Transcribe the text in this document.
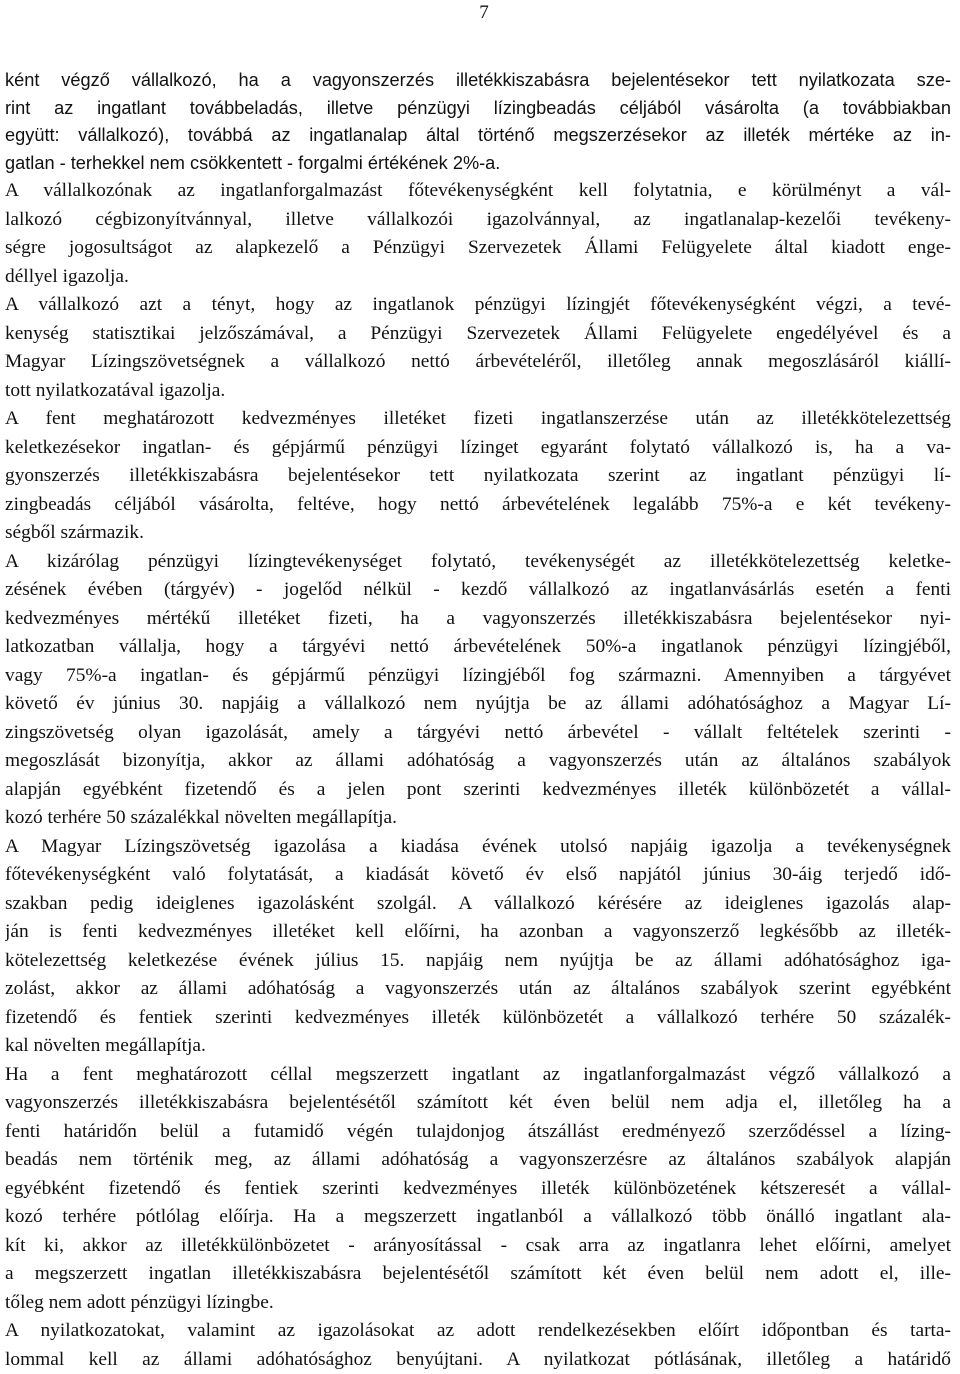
7
ként végző vállalkozó, ha a vagyonszerzés illetékkiszabásra bejelentésekor tett nyilatkozata sze-
rint az ingatlant továbbeladás, illetve pénzügyi lízingbeadás céljából vásárolta (a továbbiakban
együtt: vállalkozó), továbbá az ingatlanalap által történő megszerzésekor az illeték mértéke az in-
gatlan - terhekkel nem csökkentett - forgalmi értékének 2%-a.
A vállalkozónak az ingatlanforgalmazást főtevékenységként kell folytatnia, e körülményt a vál-
lalkozó cégbizonyítvánnyal, illetve vállalkozói igazolvánnyal, az ingatlanalap-kezelői tevékeny-
ségre jogosultságot az alapkezelő a Pénzügyi Szervezetek Állami Felügyelete által kiadott enge-
déllyel igazolja.
A vállalkozó azt a tényt, hogy az ingatlanok pénzügyi lízingjét főtevékenységként végzi, a tevé-
kenység statisztikai jelzőszámával, a Pénzügyi Szervezetek Állami Felügyelete engedélyével és a
Magyar Lízingszövetségnek a vállalkozó nettó árbevételéről, illetőleg annak megoszlásáról kiállí-
tott nyilatkozatával igazolja.
A fent meghatározott kedvezményes illetéket fizeti ingatlanszerzése után az illetékkötelezettség
keletkezésekor ingatlan- és gépjármű pénzügyi lízinget egyaránt folytató vállalkozó is, ha a va-
gyonszerzés illetékkiszabásra bejelentésekor tett nyilatkozata szerint az ingatlant pénzügyi lí-
zingbeadás céljából vásárolta, feltéve, hogy nettó árbevételének legalább 75%-a e két tevékeny-
ségből származik.
A kizárólag pénzügyi lízingtevékenységet folytató, tevékenységét az illetékkötelezettség keletke-
zésének évében (tárgyév) - jogelőd nélkül - kezdő vállalkozó az ingatlanvásárlás esetén a fenti
kedvezményes mértékű illetéket fizeti, ha a vagyonszerzés illetékkiszabásra bejelentésekor nyi-
latkozatban vállalja, hogy a tárgyévi nettó árbevételének 50%-a ingatlanok pénzügyi lízingjéből,
vagy 75%-a ingatlan- és gépjármű pénzügyi lízingjéből fog származni. Amennyiben a tárgyévet
követő év június 30. napjáig a vállalkozó nem nyújtja be az állami adóhatósághoz a Magyar Lí-
zingszövetség olyan igazolását, amely a tárgyévi nettó árbevétel - vállalt feltételek szerinti -
megoszlását bizonyítja, akkor az állami adóhatóság a vagyonszerzés után az általános szabályok
alapján egyébként fizetendő és a jelen pont szerinti kedvezményes illeték különbözetét a vállal-
kozó terhére 50 százalékkal növelten megállapítja.
A Magyar Lízingszövetség igazolása a kiadása évének utolsó napjáig igazolja a tevékenységnek
főtevékenységként való folytatását, a kiadását követő év első napjától június 30-áig terjedő idő-
szakban pedig ideiglenes igazolásként szolgál. A vállalkozó kérésére az ideiglenes igazolás alap-
ján is fenti kedvezményes illetéket kell előírni, ha azonban a vagyonszerző legkésőbb az illeték-
kötelezettség keletkezése évének július 15. napjáig nem nyújtja be az állami adóhatósághoz iga-
zolást, akkor az állami adóhatóság a vagyonszerzés után az általános szabályok szerint egyébként
fizetendő és fentiek szerinti kedvezményes illeték különbözetét a vállalkozó terhére 50 százalék-
kal növelten megállapítja.
Ha a fent meghatározott céllal megszerzett ingatlant az ingatlanforgalmazást végző vállalkozó a
vagyonszerzés illetékkiszabásra bejelentésétől számított két éven belül nem adja el, illetőleg ha a
fenti határidőn belül a futamidő végén tulajdonjog átszállást eredményező szerződéssel a lízing-
beadás nem történik meg, az állami adóhatóság a vagyonszerzésre az általános szabályok alapján
egyébként fizetendő és fentiek szerinti kedvezményes illeték különbözetének kétszeresét a vállal-
kozó terhére pótlólag előírja. Ha a megszerzett ingatlanból a vállalkozó több önálló ingatlant ala-
kít ki, akkor az illetékkülönbözetet - arányosítással - csak arra az ingatlanra lehet előírni, amelyet
a megszerzett ingatlan illetékkiszabásra bejelentésétől számított két éven belül nem adott el, ille-
tőleg nem adott pénzügyi lízingbe.
A nyilatkozatokat, valamint az igazolásokat az adott rendelkezésekben előírt időpontban és tarta-
lommal kell az állami adóhatósághoz benyújtani. A nyilatkozat pótlásának, illetőleg a határidő
